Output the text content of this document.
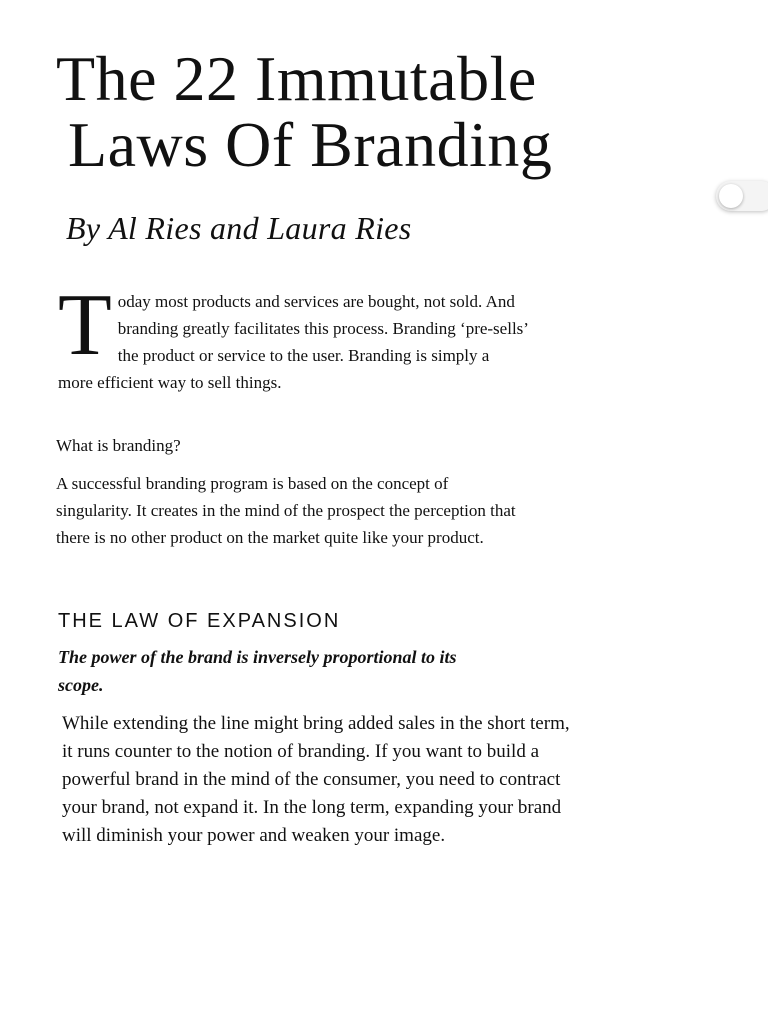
The 22 Immutable
Laws Of Branding

By Al Ries and Laura Ries

Today most products and services are bought, not sold. And branding greatly facilitates this process. Branding ‘pre-sells’ the product or service to the user. Branding is simply a more efficient way to sell things.

What is branding?

A successful branding program is based on the concept of singularity. It creates in the mind of the prospect the perception that there is no other product on the market quite like your product.

THE LAW OF EXPANSION

The power of the brand is inversely proportional to its scope.

While extending the line might bring added sales in the short term, it runs counter to the notion of branding. If you want to build a powerful brand in the mind of the consumer, you need to contract your brand, not expand it. In the long term, expanding your brand will diminish your power and weaken your image.
